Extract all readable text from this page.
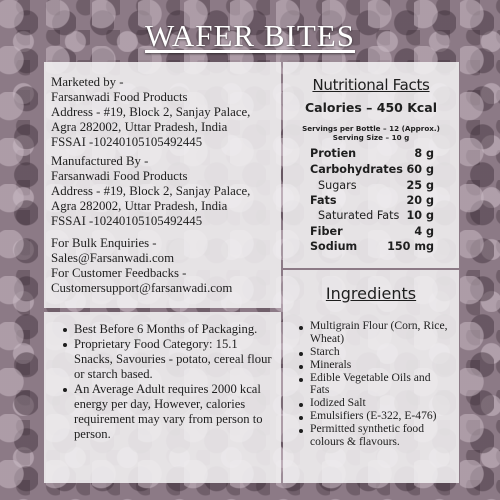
WAFER BITES
Marketed by -
Farsanwadi Food Products
Address - #19, Block 2, Sanjay Palace,
Agra 282002, Uttar Pradesh, India
FSSAI -10240105105492445
Manufactured By -
Farsanwadi Food Products
Address - #19, Block 2, Sanjay Palace,
Agra 282002, Uttar Pradesh, India
FSSAI -10240105105492445
For Bulk Enquiries -
Sales@Farsanwadi.com
For Customer Feedbacks -
Customersupport@farsanwadi.com
Best Before 6 Months of Packaging.
Proprietary Food Category: 15.1 Snacks, Savouries - potato, cereal flour or starch based.
An Average Adult requires 2000 kcal energy per day, However, calories requirement may vary from person to person.
Nutritional Facts
Calories – 450 Kcal
Servings per Bottle – 12 (Approx.)
Serving Size – 10 g
Protien	8 g
Carbohydrates 60 g
Sugars	25 g
Fats	20 g
Saturated Fats 10 g
Fiber	4 g
Sodium	150 mg
Ingredients
Multigrain Flour (Corn, Rice, Wheat)
Starch
Minerals
Edible Vegetable Oils and Fats
Iodized Salt
Emulsifiers (E-322, E-476)
Permitted synthetic food colours & flavours.
